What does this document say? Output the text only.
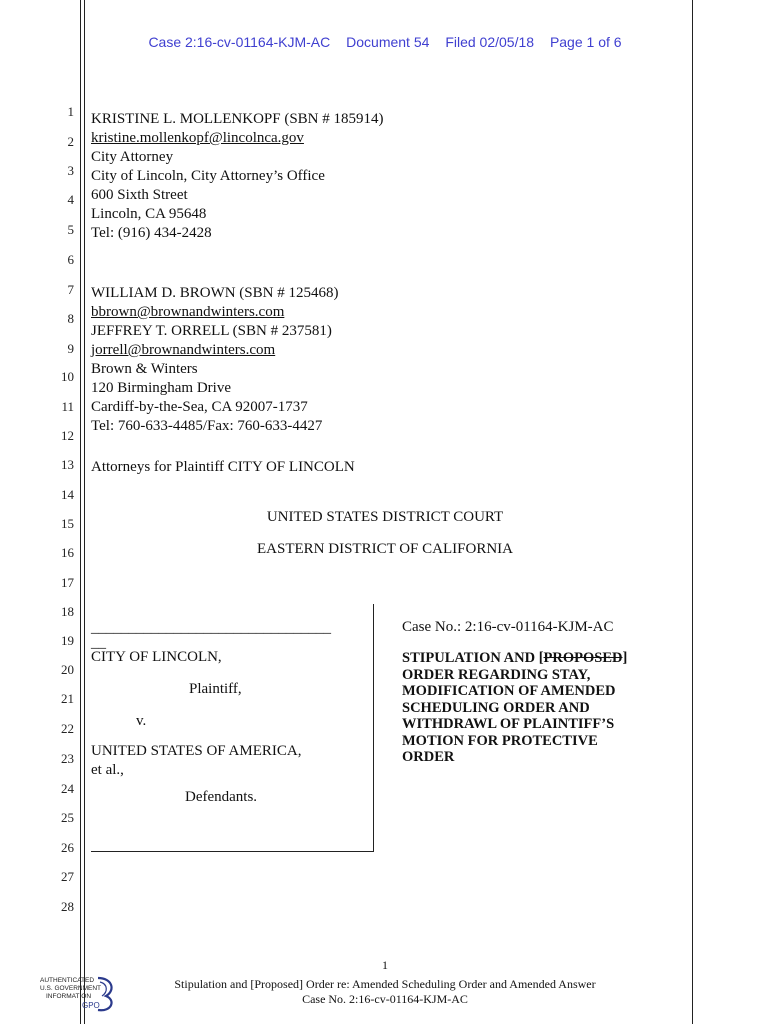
Case 2:16-cv-01164-KJM-AC Document 54 Filed 02/05/18 Page 1 of 6
1
2
3
4
5
6
7
8
9
10
11
12
13
14
15
16
17
18
19
20
21
22
23
24
25
26
27
28
KRISTINE L. MOLLENKOPF (SBN # 185914)
kristine.mollenkopf@lincolnca.gov
City Attorney
City of Lincoln, City Attorney’s Office
600 Sixth Street
Lincoln, CA 95648
Tel: (916) 434-2428
WILLIAM D. BROWN (SBN # 125468)
bbrown@brownandwinters.com
JEFFREY T. ORRELL (SBN # 237581)
jorrell@brownandwinters.com
Brown & Winters
120 Birmingham Drive
Cardiff-by-the-Sea, CA 92007-1737
Tel: 760-633-4485/Fax: 760-633-4427
Attorneys for Plaintiff CITY OF LINCOLN
UNITED STATES DISTRICT COURT
EASTERN DISTRICT OF CALIFORNIA
________________________________
__
CITY OF LINCOLN,
Plaintiff,
v.
UNITED STATES OF AMERICA,
et al.,
Defendants.
Case No.: 2:16-cv-01164-KJM-AC
STIPULATION AND [PROPOSED]
ORDER REGARDING STAY,
MODIFICATION OF AMENDED
SCHEDULING ORDER AND
WITHDRAWL OF PLAINTIFF’S
MOTION FOR PROTECTIVE
ORDER
1
Stipulation and [Proposed] Order re: Amended Scheduling Order and Amended Answer
Case No. 2:16-cv-01164-KJM-AC
AUTHENTICATED
U.S. GOVERNMENT
INFORMATION
GPO
